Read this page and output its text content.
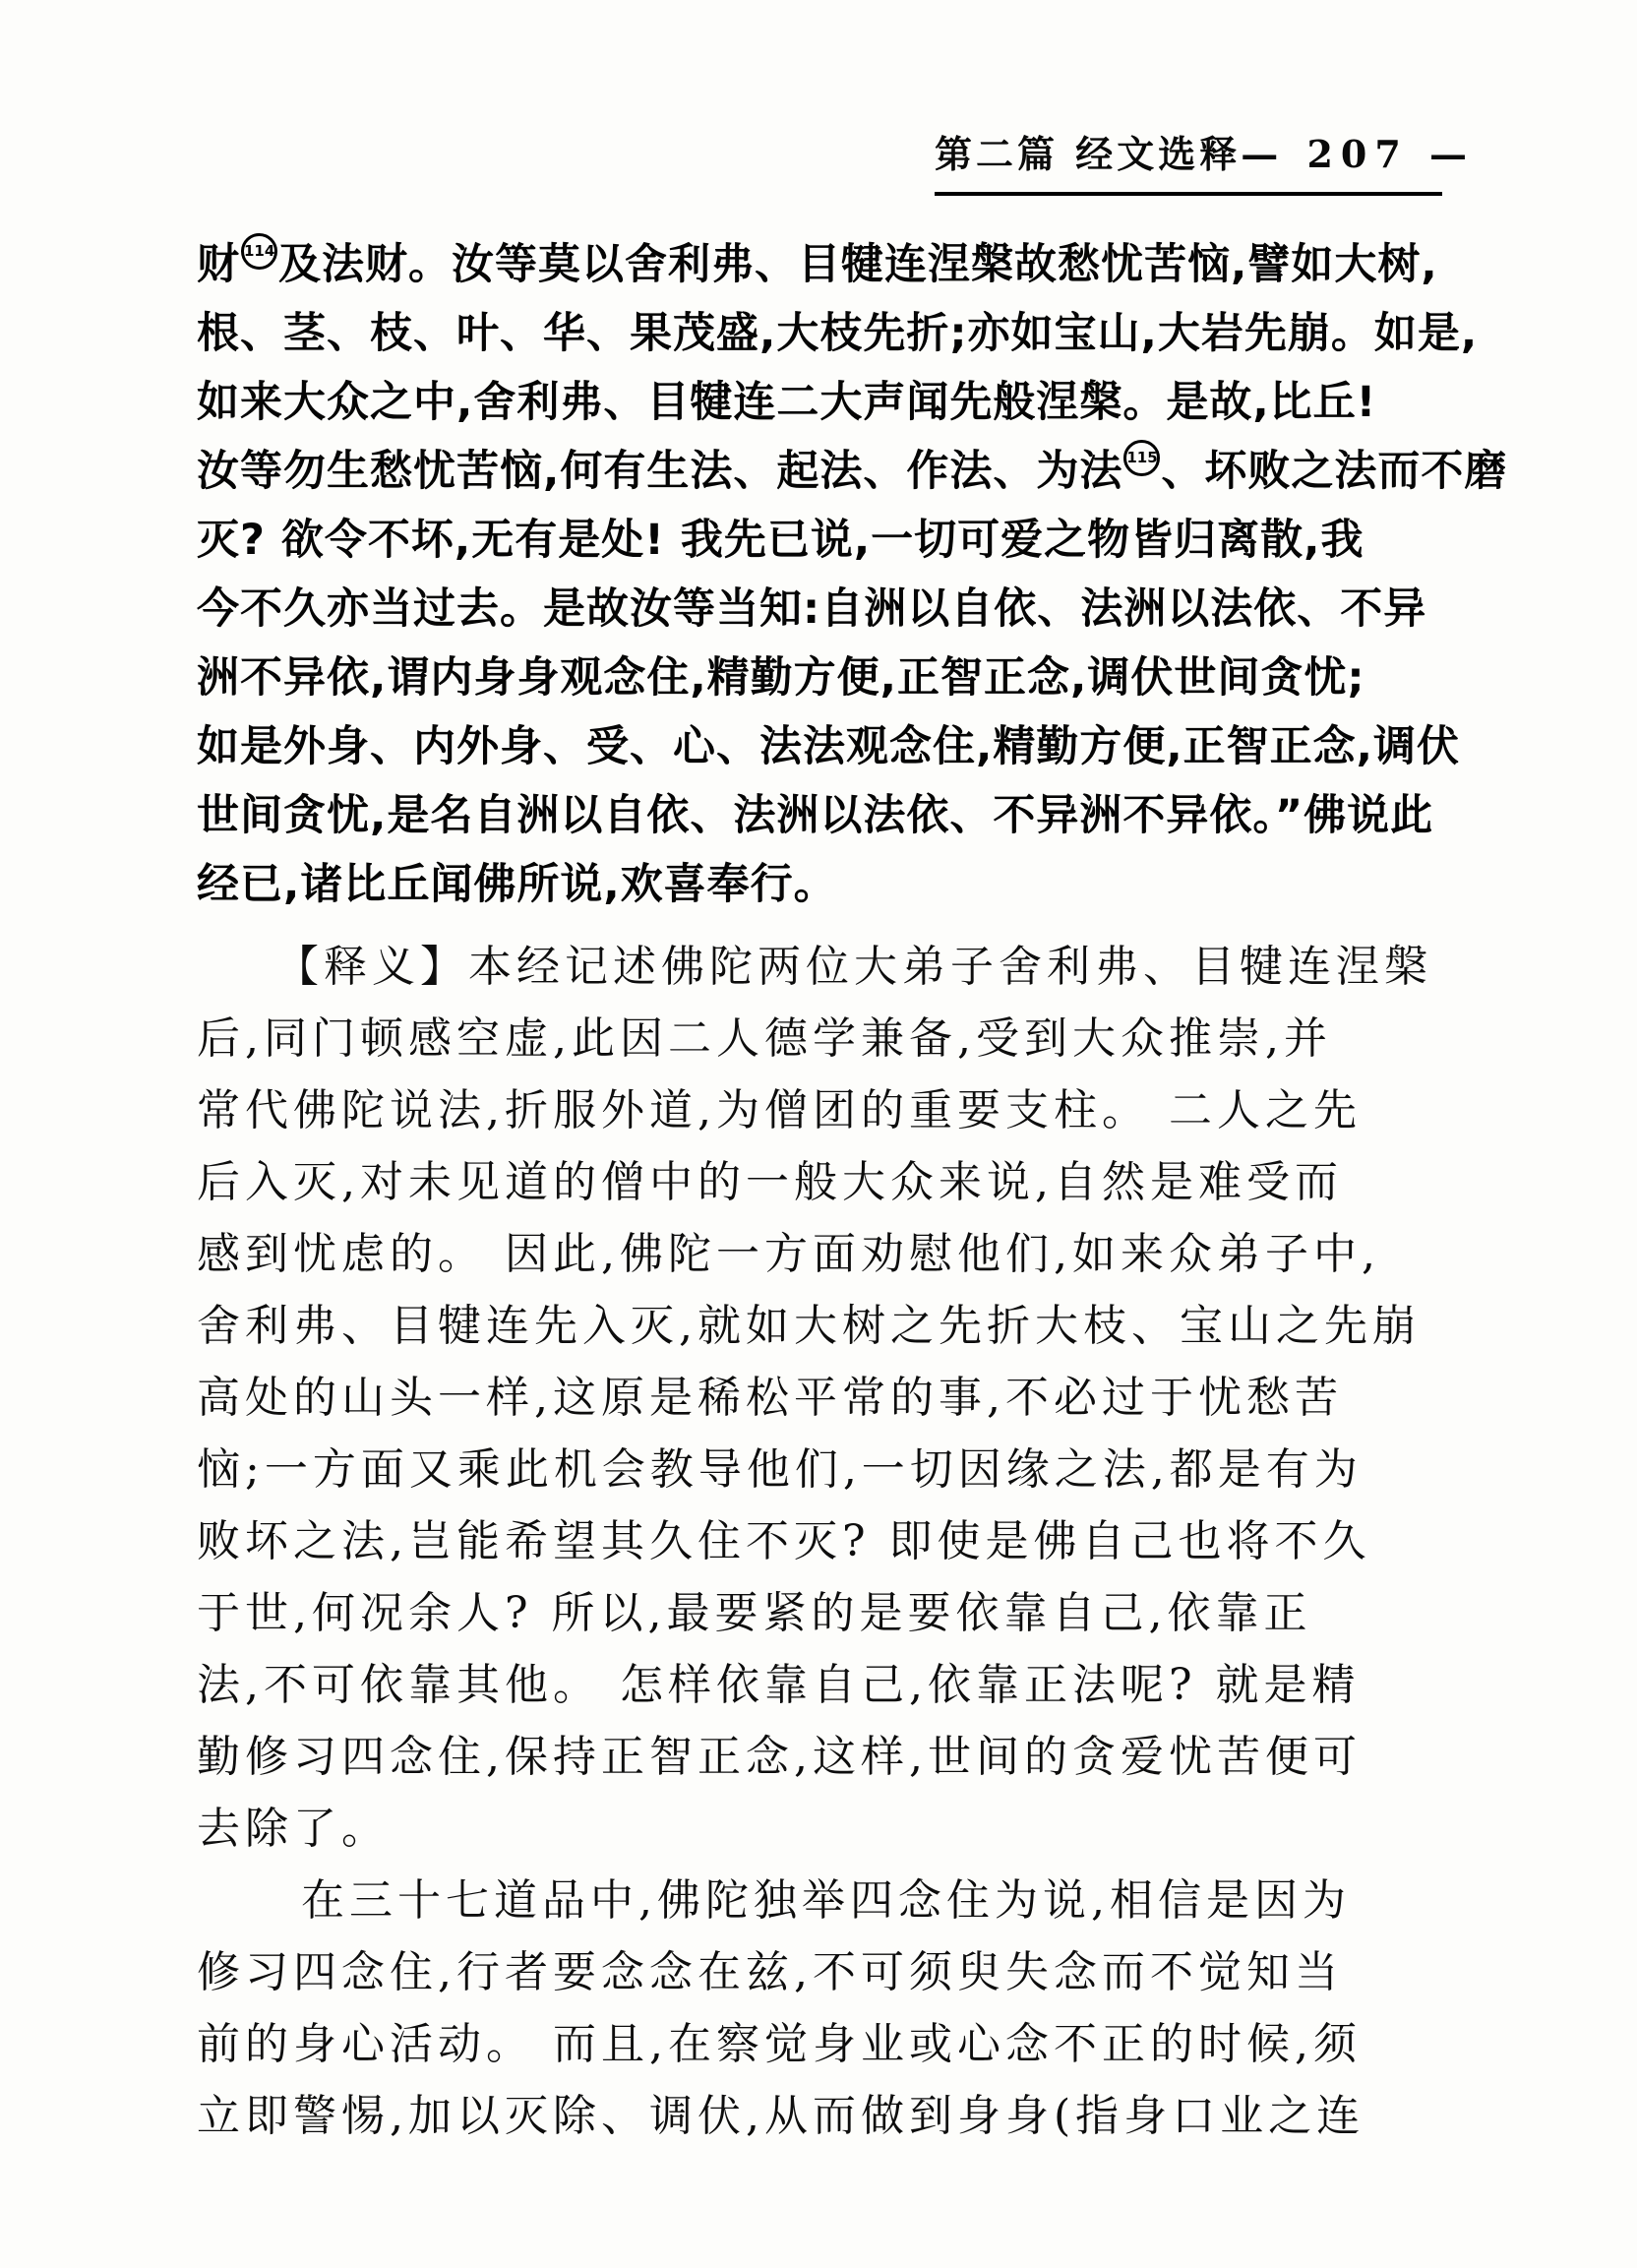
第二篇 经文选释 — 207 —
财 114及法财。汝等莫以舍利弗、目犍连涅槃故愁忧苦恼,譬如大树,
根、茎、枝、叶、华、果茂盛,大枝先折;亦如宝山,大岩先崩。如是,
如来大众之中,舍利弗、目犍连二大声闻先般涅槃。是故,比丘!
汝等勿生愁忧苦恼,何有生法、起法、作法、为法 115、坏败之法而不磨
灭? 欲令不坏,无有是处! 我先已说,一切可爱之物皆归离散,我
今不久亦当过去。是故汝等当知:自洲以自依、法洲以法依、不异
洲不异依,谓内身身观念住,精勤方便,正智正念,调伏世间贪忧;
如是外身、内外身、受、心、法法观念住,精勤方便,正智正念,调伏
世间贪忧,是名自洲以自依、法洲以法依、不异洲不异依。”佛说此
经已,诸比丘闻佛所说,欢喜奉行。
【释义】本经记述佛陀两位大弟子舍利弗、目犍连涅槃
后,同门顿感空虚,此因二人德学兼备,受到大众推崇,并
常代佛陀说法,折服外道,为僧团的重要支柱。 二人之先
后入灭,对未见道的僧中的一般大众来说,自然是难受而
感到忧虑的。 因此,佛陀一方面劝慰他们,如来众弟子中,
舍利弗、目犍连先入灭,就如大树之先折大枝、宝山之先崩
高处的山头一样,这原是稀松平常的事,不必过于忧愁苦
恼;一方面又乘此机会教导他们,一切因缘之法,都是有为
败坏之法,岂能希望其久住不灭? 即使是佛自己也将不久
于世,何况余人? 所以,最要紧的是要依靠自己,依靠正
法,不可依靠其他。 怎样依靠自己,依靠正法呢? 就是精
勤修习四念住,保持正智正念,这样,世间的贪爱忧苦便可
去除了。
在三十七道品中,佛陀独举四念住为说,相信是因为
修习四念住,行者要念念在兹,不可须臾失念而不觉知当
前的身心活动。 而且,在察觉身业或心念不正的时候,须
立即警惕,加以灭除、调伏,从而做到身身(指身口业之连
